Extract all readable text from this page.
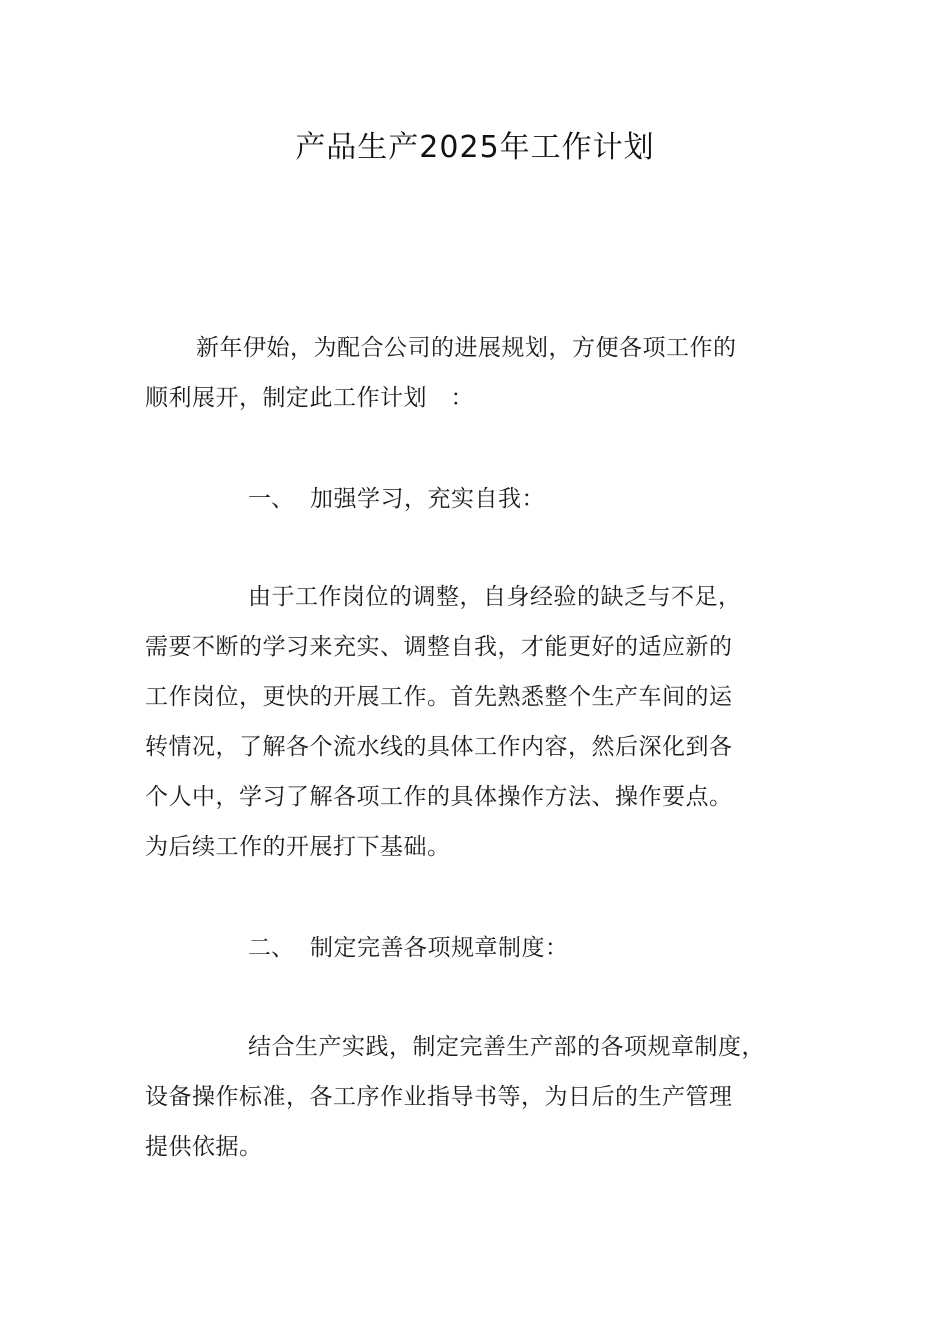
产品生产2025年工作计划
新年伊始，为配合公司的进展规划，方便各项工作的
顺利展开，制定此工作计划　：
一、 加强学习，充实自我：
由于工作岗位的调整，自身经验的缺乏与不足，
需要不断的学习来充实、调整自我，才能更好的适应新的
工作岗位，更快的开展工作。首先熟悉整个生产车间的运
转情况，了解各个流水线的具体工作内容，然后深化到各
个人中，学习了解各项工作的具体操作方法、操作要点。
为后续工作的开展打下基础。
二、 制定完善各项规章制度：
结合生产实践，制定完善生产部的各项规章制度，
设备操作标准，各工序作业指导书等，为日后的生产管理
提供依据。
